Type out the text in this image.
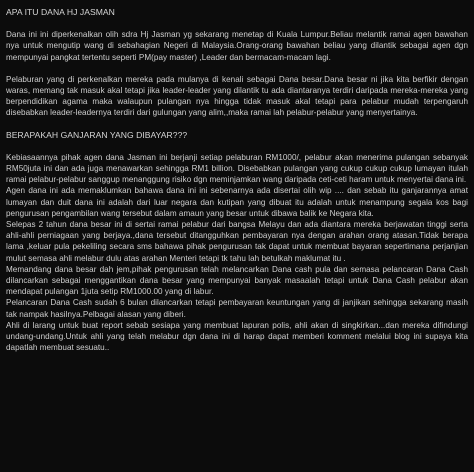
APA ITU DANA HJ JASMAN

Dana ini ini diperkenalkan olih sdra Hj Jasman yg sekarang menetap di Kuala Lumpur.Beliau melantik ramai agen bawahan nya untuk mengutip wang di sebahagian Negeri di Malaysia.Orang-orang bawahan beliau yang dilantik sebagai agen dgn mempunyai pangkat tertentu seperti PM(pay master) ,Leader dan bermacam-macam lagi.

Pelaburan yang di perkenalkan mereka pada mulanya di kenali sebagai Dana besar.Dana besar ni jika kita berfikir dengan waras, memang tak masuk akal tetapi jika leader-leader yang dilantik tu ada diantaranya terdiri daripada mereka-mereka yang berpendidikan agama maka walaupun pulangan nya hingga tidak masuk akal tetapi para pelabur mudah terpengaruh disebabkan leader-leadernya terdiri dari gulungan yang alim,,maka ramai lah pelabur-pelabur yang menyertainya.

BERAPAKAH GANJARAN YANG DIBAYAR???

Kebiasaannya pihak agen dana Jasman ini berjanji setiap pelaburan RM1000/, pelabur akan menerima pulangan sebanyak RM50juta ini dan ada juga menawarkan sehingga RM1 billion. Disebabkan pulangan yang cukup cukup cukup lumayan itulah ramai pelabur-pelabur sanggup menanggung risiko dgn meminjamkan wang daripada ceti-ceti haram untuk menyertai dana ini.

Agen dana ini ada memaklumkan bahawa dana ini ini sebenarnya ada disertai olih wip .... dan sebab itu ganjarannya amat lumayan dan duit dana ini adalah dari luar negara dan kutipan yang dibuat itu adalah untuk menampung segala kos bagi pengurusan pengambilan wang tersebut dalam amaun yang besar untuk dibawa balik ke Negara kita.

Selepas 2 tahun dana besar ini di sertai ramai pelabur dari bangsa Melayu dan ada diantara mereka berjawatan tinggi serta ahli-ahli perniagaan yang berjaya.,dana tersebut ditangguhkan pembayaran nya dengan arahan orang atasan.Tidak berapa lama ,keluar pula pekeliling secara sms bahawa pihak pengurusan tak dapat untuk membuat bayaran sepertimana perjanjian mulut semasa ahli melabur dulu atas arahan Menteri tetapi tk tahu lah betulkah maklumat itu .

Memandang dana besar dah jem,pihak pengurusan telah melancarkan Dana cash pula dan semasa pelancaran Dana Cash dilancarkan sebagai menggantikan dana besar yang mempunyai banyak masaalah tetapi untuk Dana Cash pelabur akan mendapat pulangan 1juta setip RM1000.00 yang di labur.

Pelancaran Dana Cash sudah 6 bulan dilancarkan tetapi pembayaran keuntungan yang di janjikan sehingga sekarang masih tak nampak hasilnya.Pelbagai alasan yang diberi.

Ahli di larang untuk buat report sebab sesiapa yang membuat lapuran polis, ahli akan di singkirkan...dan mereka difindungi undang-undang.Untuk ahli yang telah melabur dgn dana ini di harap dapat memberi komment melalui blog ini supaya kita dapatlah membuat sesuatu..
